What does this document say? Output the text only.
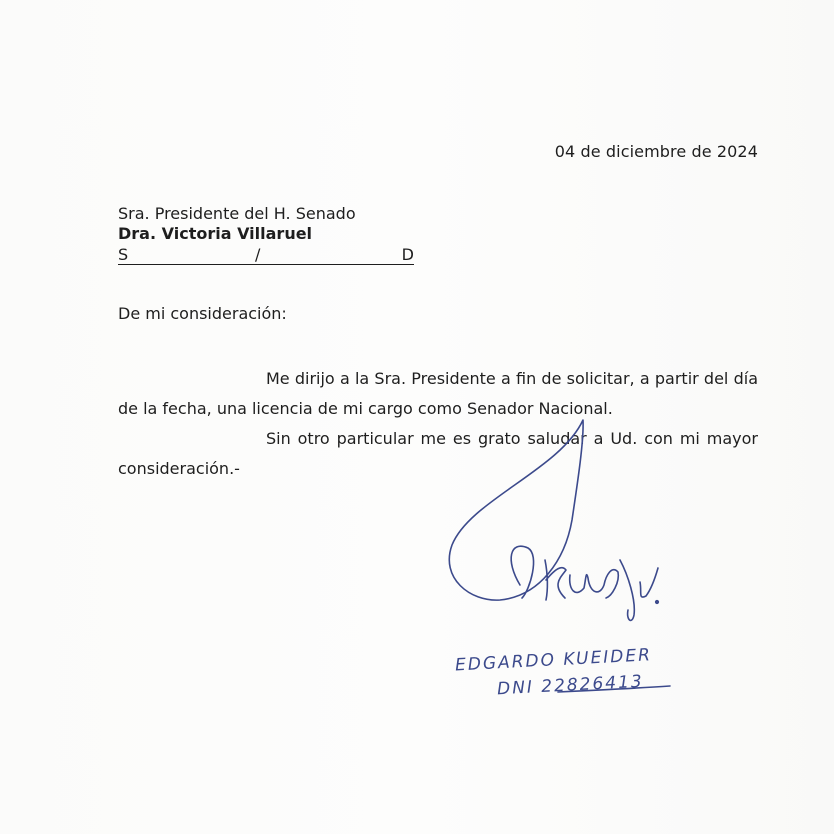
04 de diciembre de 2024
Sra. Presidente del H. Senado
Dra. Victoria Villaruel
S	/	D
De mi consideración:

Me dirijo a la Sra. Presidente a fin de solicitar, a partir del día de la fecha, una licencia de mi cargo como Senador Nacional.

Sin otro particular me es grato saludar a Ud. con mi mayor consideración.-

EDGARDO KUEIDER
DNI 22826413
